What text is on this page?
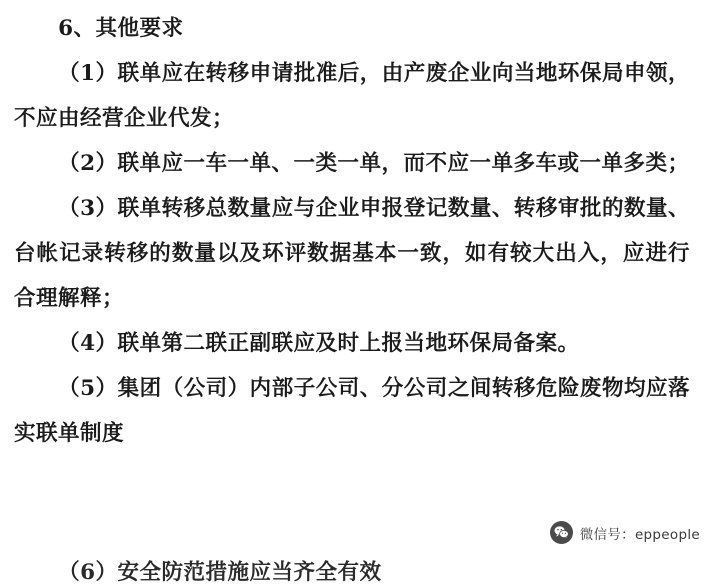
6、其他要求

（1）联单应在转移申请批准后，由产废企业向当地环保局申领，不应由经营企业代发；

（2）联单应一车一单、一类一单，而不应一单多车或一单多类；

（3）联单转移总数量应与企业申报登记数量、转移审批的数量、台帐记录转移的数量以及环评数据基本一致，如有较大出入，应进行合理解释；

（4）联单第二联正副联应及时上报当地环保局备案。

（5）集团（公司）内部子公司、分公司之间转移危险废物均应落实联单制度

（6）安全防范措施应当齐全有效

微信号：eppeople
